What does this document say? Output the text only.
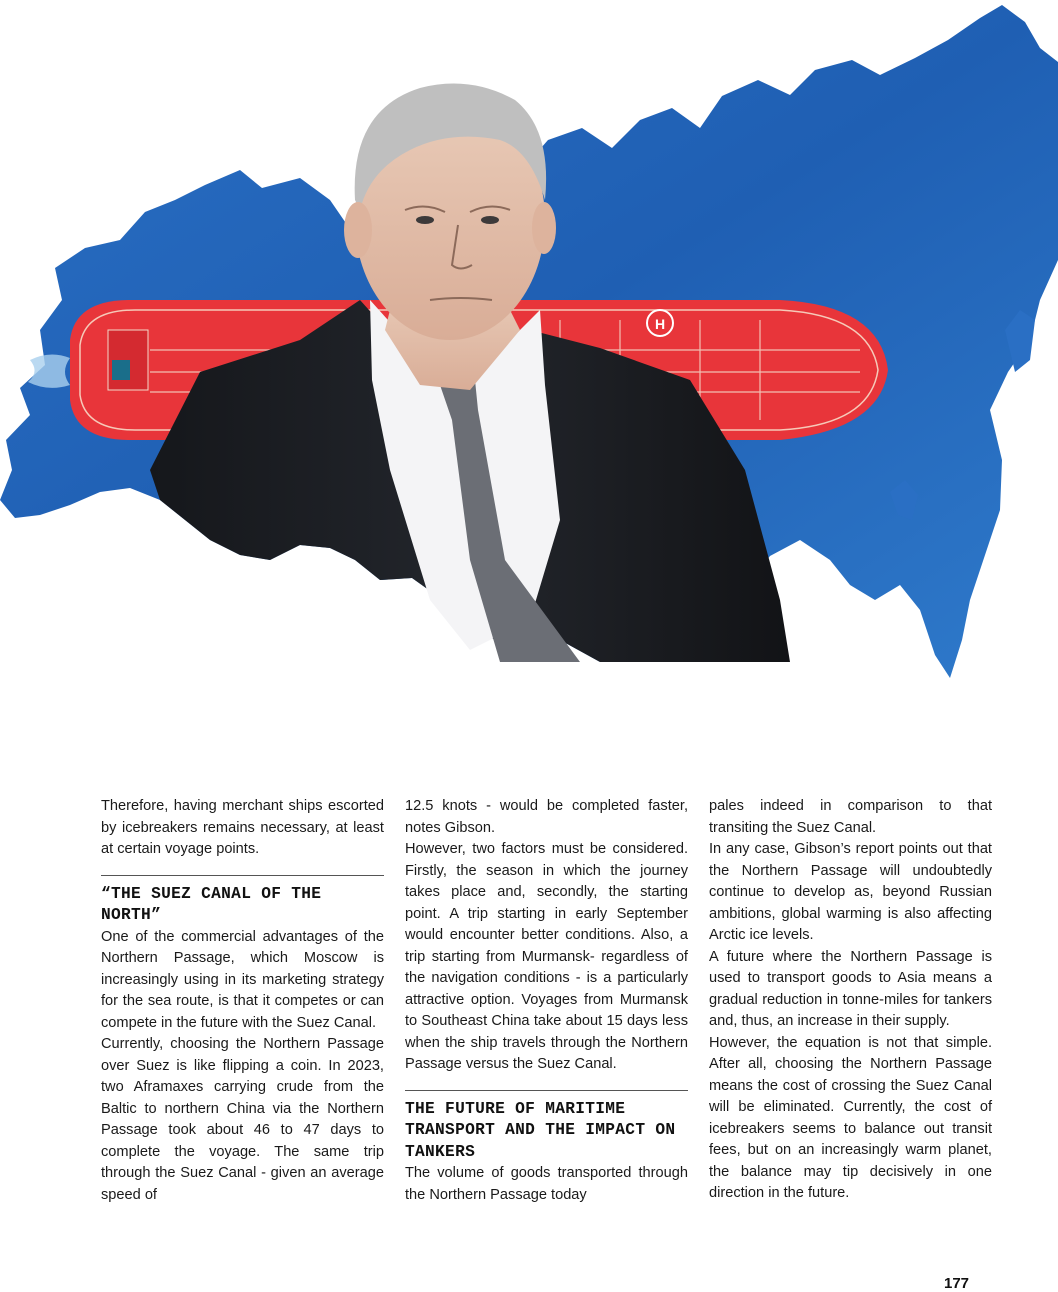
H

Therefore, having merchant ships escorted by icebreakers remains necessary, at least at certain voyage points.

“THE SUEZ CANAL OF THE NORTH”

One of the commercial advantages of the Northern Passage, which Moscow is increasingly using in its marketing strategy for the sea route, is that it competes or can compete in the future with the Suez Canal.

Currently, choosing the Northern Passage over Suez is like flipping a coin. In 2023, two Aframaxes carrying crude from the Baltic to northern China via the Northern Passage took about 46 to 47 days to complete the voyage. The same trip through the Suez Canal - given an average speed of

12.5 knots - would be completed faster, notes Gibson.

However, two factors must be considered. Firstly, the season in which the journey takes place and, secondly, the starting point. A trip starting in early September would encounter better conditions. Also, a trip starting from Murmansk- regardless of the navigation conditions - is a particularly attractive option. Voyages from Murmansk to Southeast China take about 15 days less when the ship travels through the Northern Passage versus the Suez Canal.

THE FUTURE OF MARITIME TRANSPORT AND THE IMPACT ON TANKERS

The volume of goods transported through the Northern Passage today

pales indeed in comparison to that transiting the Suez Canal.

In any case, Gibson’s report points out that the Northern Passage will undoubtedly continue to develop as, beyond Russian ambitions, global warming is also affecting Arctic ice levels.

A future where the Northern Passage is used to transport goods to Asia means a gradual reduction in tonne-miles for tankers and, thus, an increase in their supply.

However, the equation is not that simple. After all, choosing the Northern Passage means the cost of crossing the Suez Canal will be eliminated. Currently, the cost of icebreakers seems to balance out transit fees, but on an increasingly warm planet, the balance may tip decisively in one direction in the future.

177
